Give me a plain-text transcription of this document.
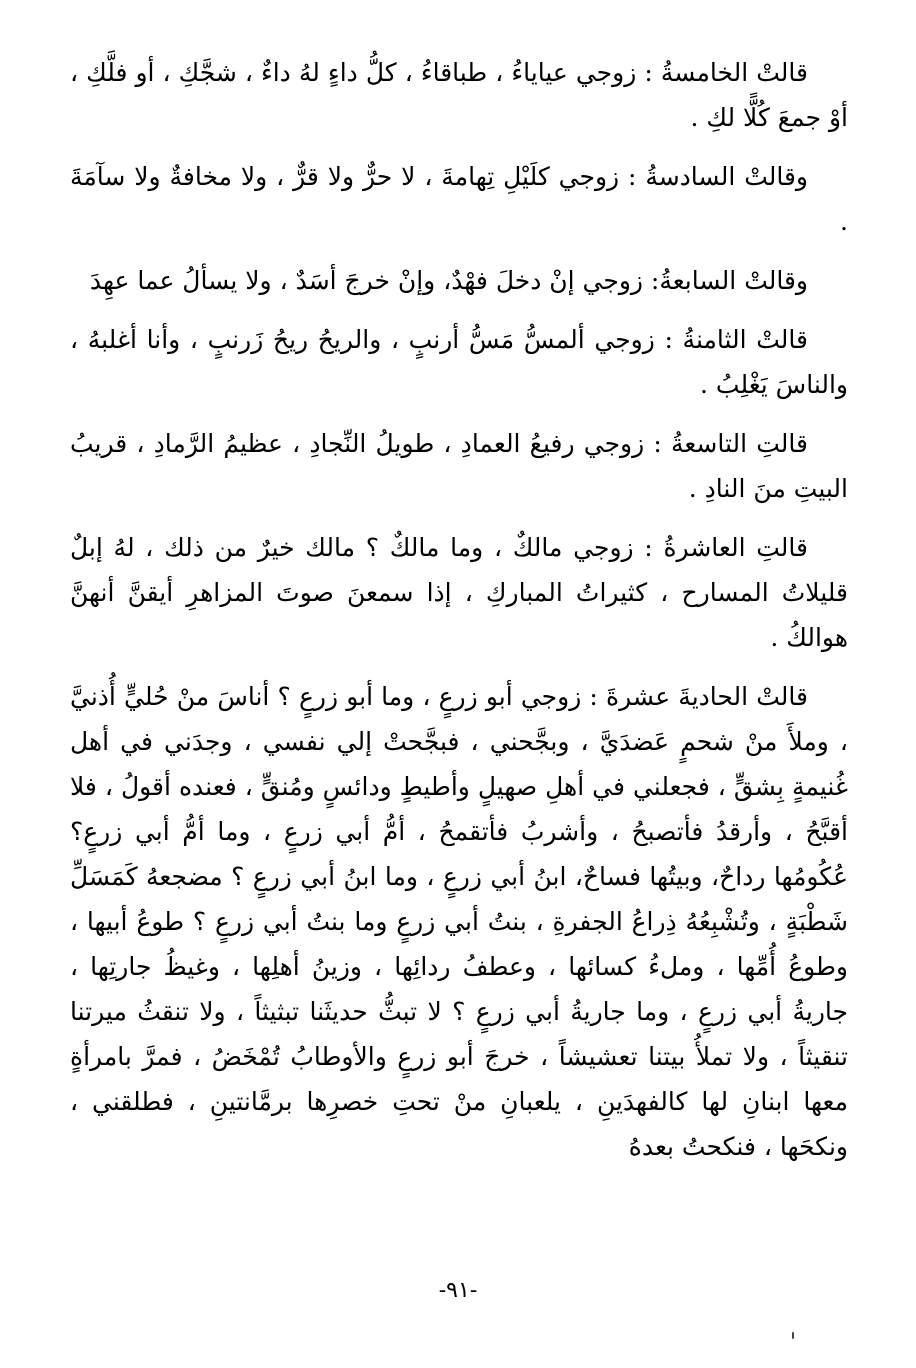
قالتْ الخامسةُ : زوجي عياياءُ ، طباقاءُ ، كلُّ داءٍ لهُ داءٌ ، شجَّكِ ، أو فلَّكِ ، أوْ جمعَ كُلًّا لكِ .

وقالتْ السادسةُ : زوجي كلَيْلِ تِهامةَ ، لا حرٌّ ولا قرٌّ ، ولا مخافةٌ ولا سآمَةَ .

وقالتْ السابعةُ: زوجي إنْ دخلَ فهْدٌ، وإنْ خرجَ أسَدٌ ، ولا يسألُ عما عهِدَ

قالتْ الثامنةُ : زوجي ألمسُّ مَسُّ أرنبٍ ، والريحُ ريحُ زَرنبٍ ، وأنا أغلبهُ ، والناسَ يَغْلِبُ .

قالتِ التاسعةُ : زوجي رفيعُ العمادِ ، طويلُ النِّجادِ ، عظيمُ الرَّمادِ ، قريبُ البيتِ منَ النادِ .

قالتِ العاشرةُ : زوجي مالكٌ ، وما مالكٌ ؟ مالك خيرٌ من ذلك ، لهُ إبلٌ قليلاتُ المسارح ، كثيراتُ المباركِ ، إذا سمعنَ صوتَ المزاهرِ أيقنَّ أنهنَّ هوالكُ .

قالتْ الحاديةَ عشرةَ : زوجي أبو زرعٍ ، وما أبو زرعٍ ؟ أناسَ منْ حُليٍّ أُذنيَّ ، وملأَ منْ شحمٍ عَضدَيَّ ، وبجَّحني ، فبجَّحتْ إلي نفسي ، وجدَني في أهل غُنيمةٍ بِشقٍّ ، فجعلني في أهلِ صهيلٍ وأطيطٍ ودائسٍ ومُنقٍّ ، فعنده أقولُ ، فلا أقبَّحُ ، وأرقدُ فأتصبحُ ، وأشربُ فأتقمحُ ، أمُّ أبي زرعٍ ، وما أمُّ أبي زرعٍ؟ عُكُومُها رداحٌ، وبيتُها فساحٌ، ابنُ أبي زرعٍ ، وما ابنُ أبي زرعٍ ؟ مضجعهُ كَمَسَلِّ شَطْبَةٍ ، وتُشْبِعُهُ ذِراعُ الجفرةِ ، بنتُ أبي زرعٍ وما بنتُ أبي زرعٍ ؟ طوعُ أبيها ، وطوعُ أُمِّها ، وملءُ كسائها ، وعطفُ ردائِها ، وزينُ أهلِها ، وغيظُ جارتِها ، جاريةُ أبي زرعٍ ، وما جاريةُ أبي زرعٍ ؟ لا تبثُّ حديثَنا تبثيثاً ، ولا تنقثُ ميرتنا تنقيثاً ، ولا تملأُ بيتنا تعشيشاً ، خرجَ أبو زرعٍ والأوطابُ تُمْخَضُ ، فمرَّ بامرأةٍ معها ابنانِ لها كالفهدَينِ ، يلعبانِ منْ تحتِ خصرِها برمَّانتينِ ، فطلقني ، ونكحَها ، فنكحتُ بعدهُ

-٩١-
